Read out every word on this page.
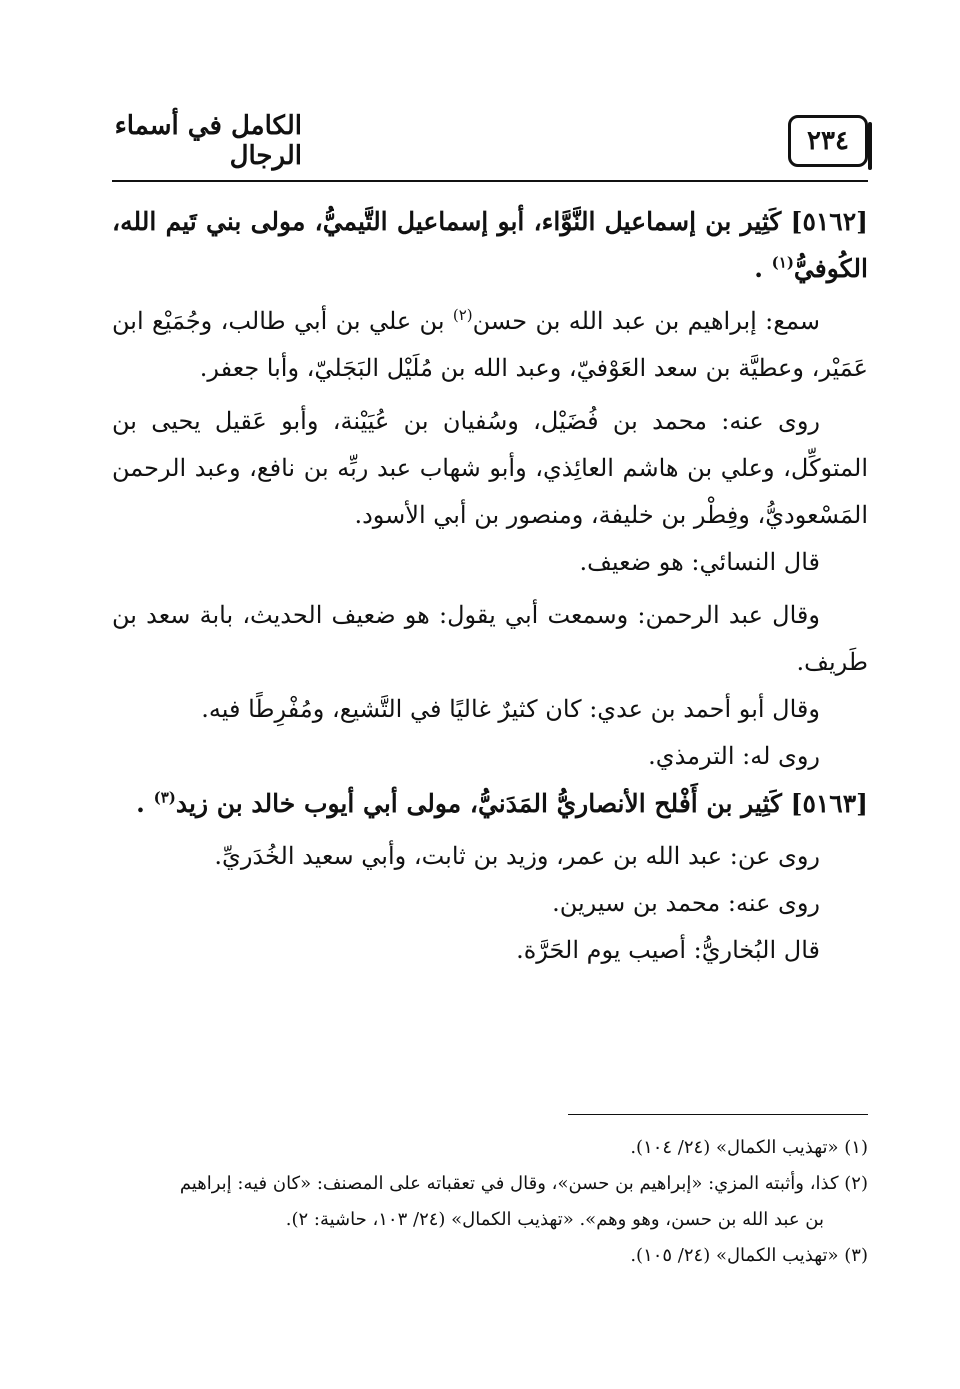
٢٣٤
الكامل في أسماء الرجال

[٥١٦٢] كَثِير بن إسماعيل النَّوَّاء، أبو إسماعيل التَّيميُّ، مولى بني تَيم الله، الكُوفيُّ$^{(١)}$ .

سمع: إبراهيم بن عبد الله بن حسن$^{(٢)}$ بن علي بن أبي طالب، وجُمَيْع ابن عَمَيْر، وعطيَّة بن سعد العَوْفيّ، وعبد الله بن مُلَيْل البَجَليّ، وأبا جعفر.

روى عنه: محمد بن فُضَيْل، وسُفيان بن عُيَيْنة، وأبو عَقيل يحيى بن المتوكِّل، وعلي بن هاشم العائِذي، وأبو شهاب عبد ربِّه بن نافع، وعبد الرحمن المَسْعوديُّ، وفِطْر بن خليفة، ومنصور بن أبي الأسود.

قال النسائي: هو ضعيف.

وقال عبد الرحمن: وسمعت أبي يقول: هو ضعيف الحديث، بابة سعد بن طَريف.

وقال أبو أحمد بن عدي: كان كثيرٌ غاليًا في التَّشيع، ومُفْرِطًا فيه.

روى له: الترمذي.

[٥١٦٣] كَثِير بن أَفْلح الأنصاريُّ المَدَنيُّ، مولى أبي أيوب خالد بن زيد$^{(٣)}$ .

روى عن: عبد الله بن عمر، وزيد بن ثابت، وأبي سعيد الخُدَريِّ.

روى عنه: محمد بن سيرين.

قال البُخاريُّ: أصيب يوم الحَرَّة.

(١) «تهذيب الكمال» (٢٤/ ١٠٤).

(٢) كذا، وأثبته المزي: «إبراهيم بن حسن»، وقال في تعقباته على المصنف: «كان فيه: إبراهيم

بن عبد الله بن حسن، وهو وهم». «تهذيب الكمال» (٢٤/ ١٠٣، حاشية: ٢).

(٣) «تهذيب الكمال» (٢٤/ ١٠٥).
